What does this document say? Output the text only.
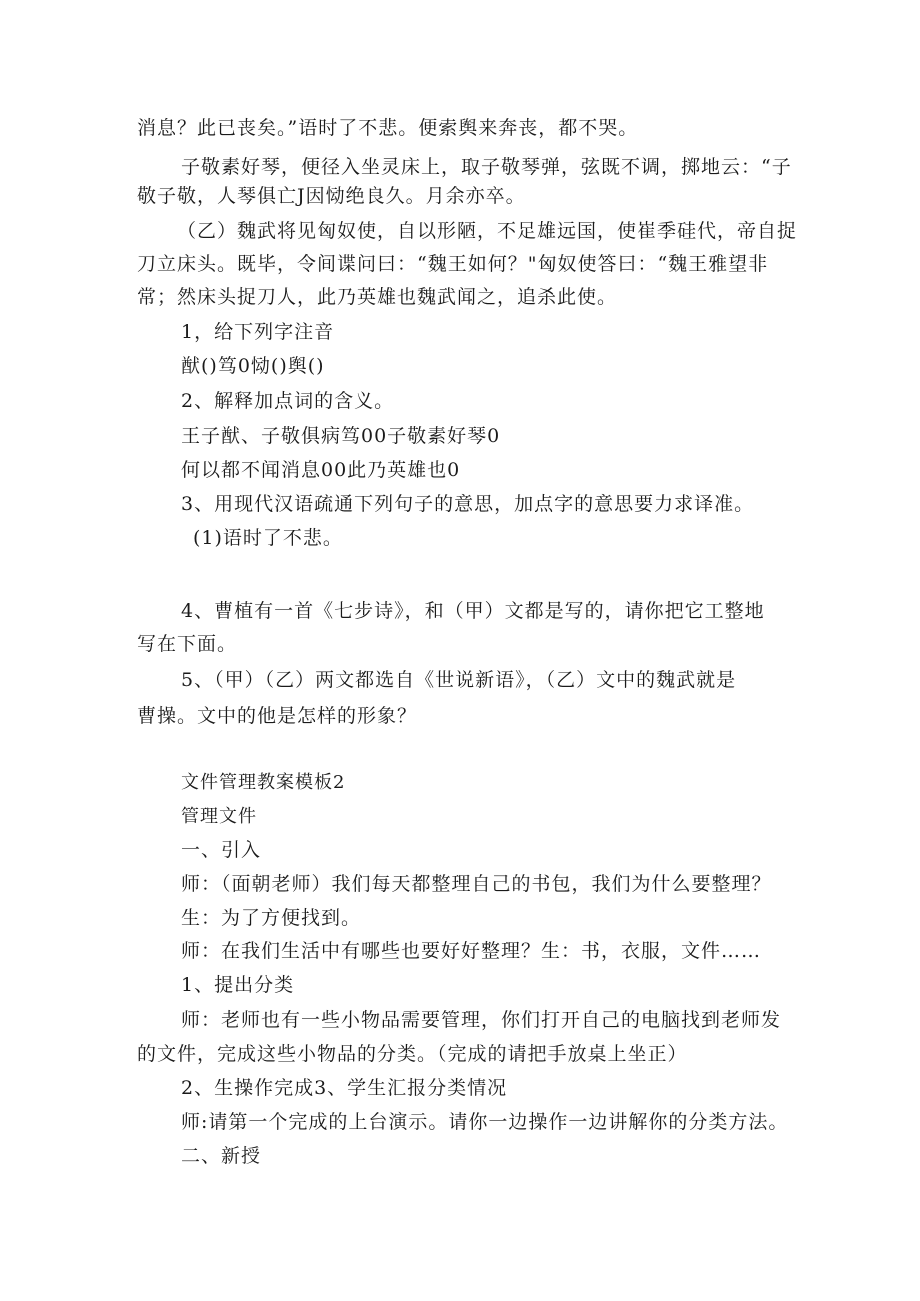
消息？此已丧矣。”语时了不悲。便索舆来奔丧，都不哭。
子敬素好琴，便径入坐灵床上，取子敬琴弹，弦既不调，掷地云：“子
敬子敬，人琴俱亡J因恸绝良久。月余亦卒。
（乙）魏武将见匈奴使，自以形陋，不足雄远国，使崔季硅代，帝自捉
刀立床头。既毕，令间谍问曰：“魏王如何？"匈奴使答曰：“魏王雅望非
常；然床头捉刀人，此乃英雄也魏武闻之，追杀此使。
1，给下列字注音
猷()笃0恸()舆()
2、解释加点词的含义。
王子猷、子敬俱病笃00子敬素好琴0
何以都不闻消息00此乃英雄也0
3、用现代汉语疏通下列句子的意思，加点字的意思要力求译准。
(1)语时了不悲。
4、曹植有一首《七步诗》，和（甲）文都是写的，请你把它工整地
写在下面。
5、（甲）（乙）两文都选自《世说新语》，（乙）文中的魏武就是
曹操。文中的他是怎样的形象？
文件管理教案模板2
管理文件
一、引入
师：（面朝老师）我们每天都整理自己的书包，我们为什么要整理？
生：为了方便找到。
师：在我们生活中有哪些也要好好整理？生：书，衣服，文件……
1、提出分类
师：老师也有一些小物品需要管理，你们打开自己的电脑找到老师发
的文件，完成这些小物品的分类。（完成的请把手放桌上坐正）
2、生操作完成3、学生汇报分类情况
师:请第一个完成的上台演示。请你一边操作一边讲解你的分类方法。
二、新授
